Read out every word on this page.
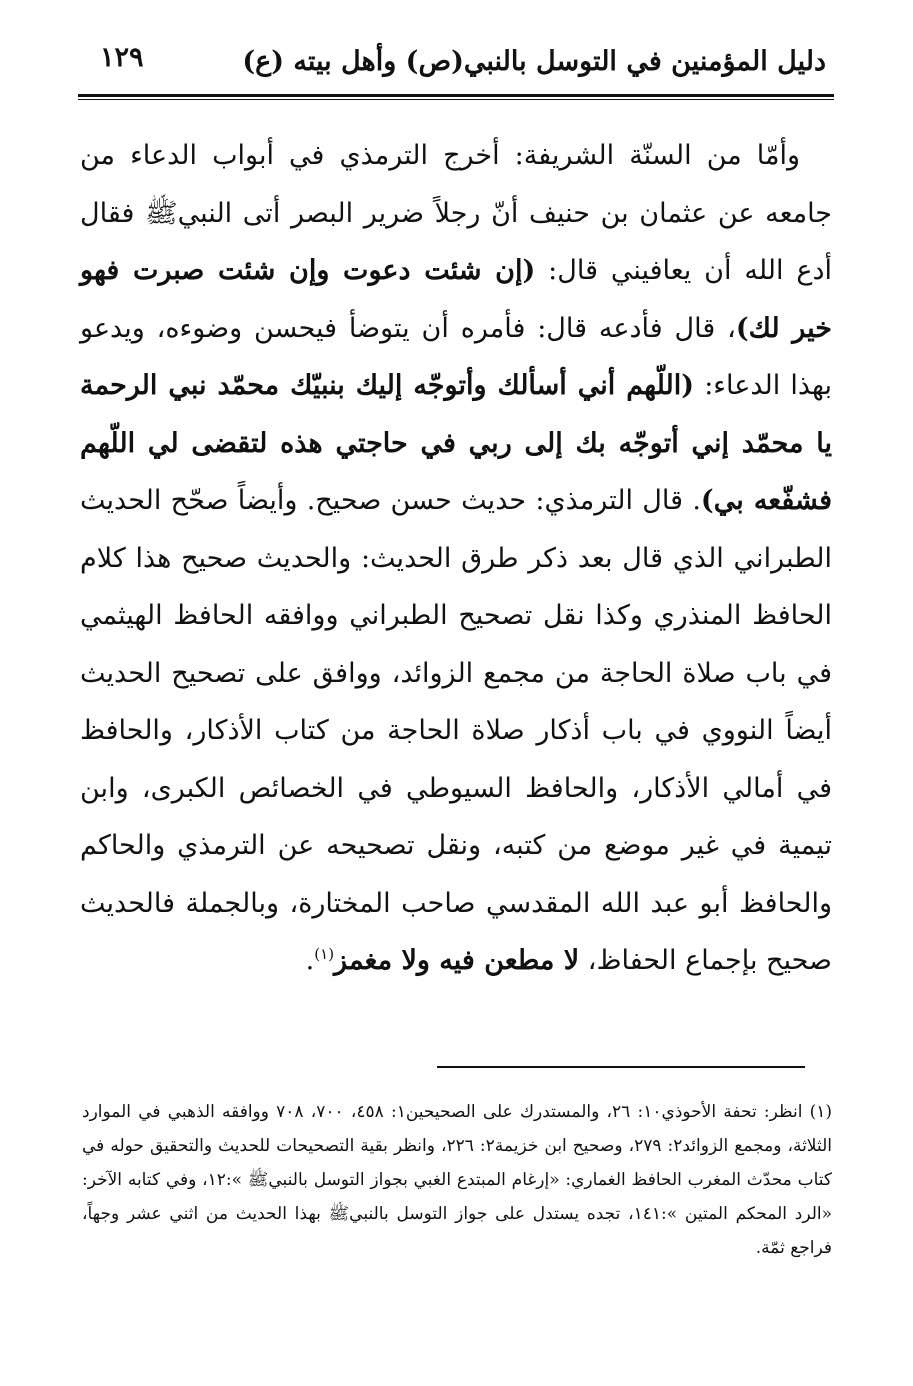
دليل المؤمنين في التوسل بالنبي(ص) وأهل بيته (ع)
١٢٩

وأمّا من السنّة الشريفة: أخرج الترمذي في أبواب الدعاء من جامعه عن عثمان بن حنيف أنّ رجلاً ضرير البصر أتى النبيﷺ فقال أدع الله أن يعافيني قال: (إن شئت دعوت وإن شئت صبرت فهو خير لك)، قال فأدعه قال: فأمره أن يتوضأ فيحسن وضوءه، ويدعو بهذا الدعاء: (اللّهم أني أسألك وأتوجّه إليك بنبيّك محمّد نبي الرحمة يا محمّد إني أتوجّه بك إلى ربي في حاجتي هذه لتقضى لي اللّهم فشفّعه بي). قال الترمذي: حديث حسن صحيح. وأيضاً صحّح الحديث الطبراني الذي قال بعد ذكر طرق الحديث: والحديث صحيح هذا كلام الحافظ المنذري وكذا نقل تصحيح الطبراني ووافقه الحافظ الهيثمي في باب صلاة الحاجة من مجمع الزوائد، ووافق على تصحيح الحديث أيضاً النووي في باب أذكار صلاة الحاجة من كتاب الأذكار، والحافظ في أمالي الأذكار، والحافظ السيوطي في الخصائص الكبرى، وابن تيمية في غير موضع من كتبه، ونقل تصحيحه عن الترمذي والحاكم والحافظ أبو عبد الله المقدسي صاحب المختارة، وبالجملة فالحديث صحيح بإجماع الحفاظ، لا مطعن فيه ولا مغمز$^{(١)}$.

(١) انظر: تحفة الأحوذي١٠: ٢٦، والمستدرك على الصحيحين١: ٤٥٨، ٧٠٠، ٧٠٨ ووافقه الذهبي في الموارد الثلاثة، ومجمع الزوائد٢: ٢٧٩، وصحيح ابن خزيمة٢: ٢٢٦، وانظر بقية التصحيحات للحديث والتحقيق حوله في كتاب محدّث المغرب الحافظ الغماري: «إرغام المبتدع الغبي بجواز التوسل بالنبيﷺ »:١٢، وفي كتابه الآخر: «الرد المحكم المتين »:١٤١، تجده يستدل على جواز التوسل بالنبيﷺ بهذا الحديث من اثني عشر وجهاً، فراجع ثمّة.
